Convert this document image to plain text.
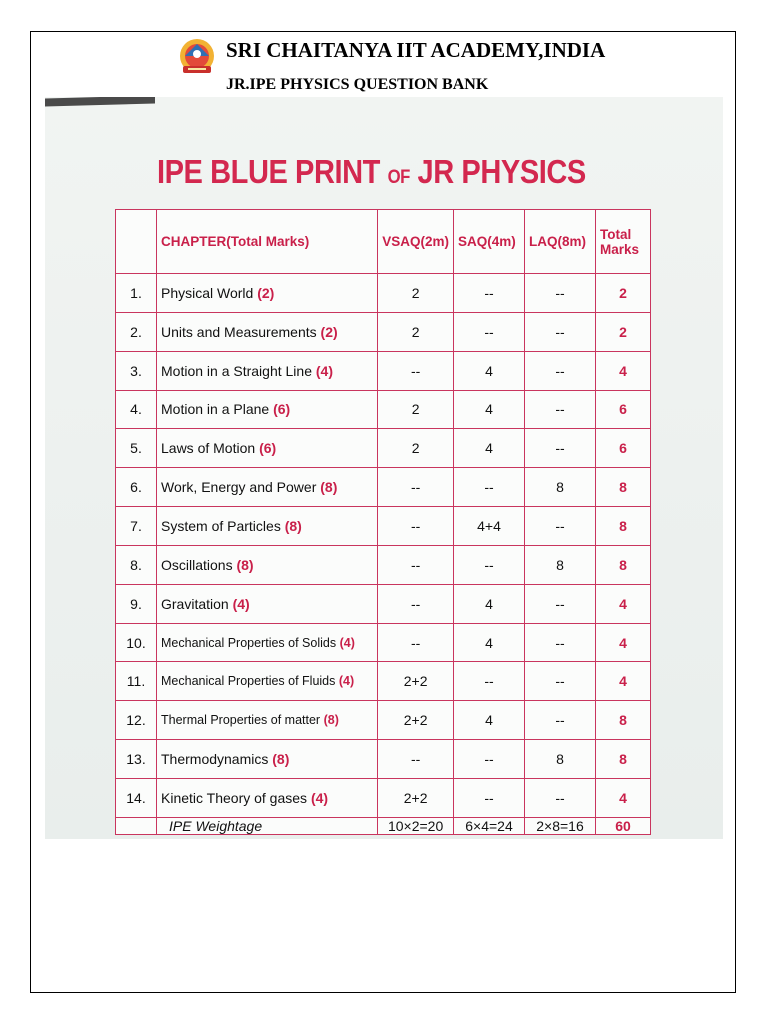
SRI CHAITANYA IIT ACADEMY,INDIA
JR.IPE PHYSICS QUESTION BANK
IPE BLUE PRINT OF JR PHYSICS
	CHAPTER(Total Marks)	VSAQ(2m)	SAQ(4m)	LAQ(8m)	Total Marks
1.	Physical World (2)	2	--	--	2
2.	Units and Measurements (2)	2	--	--	2
3.	Motion in a Straight Line (4)	--	4	--	4
4.	Motion in a Plane (6)	2	4	--	6
5.	Laws of Motion (6)	2	4	--	6
6.	Work, Energy and Power (8)	--	--	8	8
7.	System of Particles (8)	--	4+4	--	8
8.	Oscillations (8)	--	--	8	8
9.	Gravitation (4)	--	4	--	4
10.	Mechanical Properties of Solids (4)	--	4	--	4
11.	Mechanical Properties of Fluids (4)	2+2	--	--	4
12.	Thermal Properties of matter (8)	2+2	4	--	8
13.	Thermodynamics (8)	--	--	8	8
14.	Kinetic Theory of gases (4)	2+2	--	--	4
	IPE Weightage	10×2=20	6×4=24	2×8=16	60
